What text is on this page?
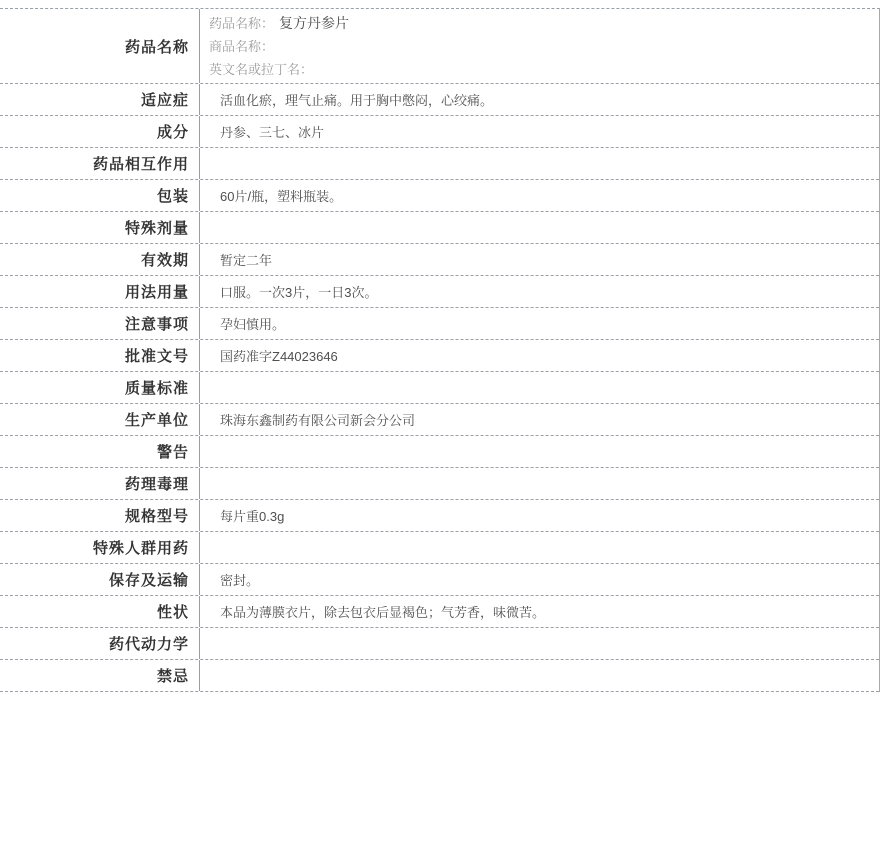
药品名称
药品名称： 复方丹参片
商品名称：
英文名或拉丁名：
适应症	活血化瘀，理气止痛。用于胸中憋闷，心绞痛。
成分	丹参、三七、冰片
药品相互作用
包装	60片/瓶，塑料瓶装。
特殊剂量
有效期	暂定二年
用法用量	口服。一次3片，一日3次。
注意事项	孕妇慎用。
批准文号	国药准字Z44023646
质量标准
生产单位	珠海东鑫制药有限公司新会分公司
警告
药理毒理
规格型号	每片重0.3g
特殊人群用药
保存及运输	密封。
性状	本品为薄膜衣片，除去包衣后显褐色；气芳香，味微苦。
药代动力学
禁忌
